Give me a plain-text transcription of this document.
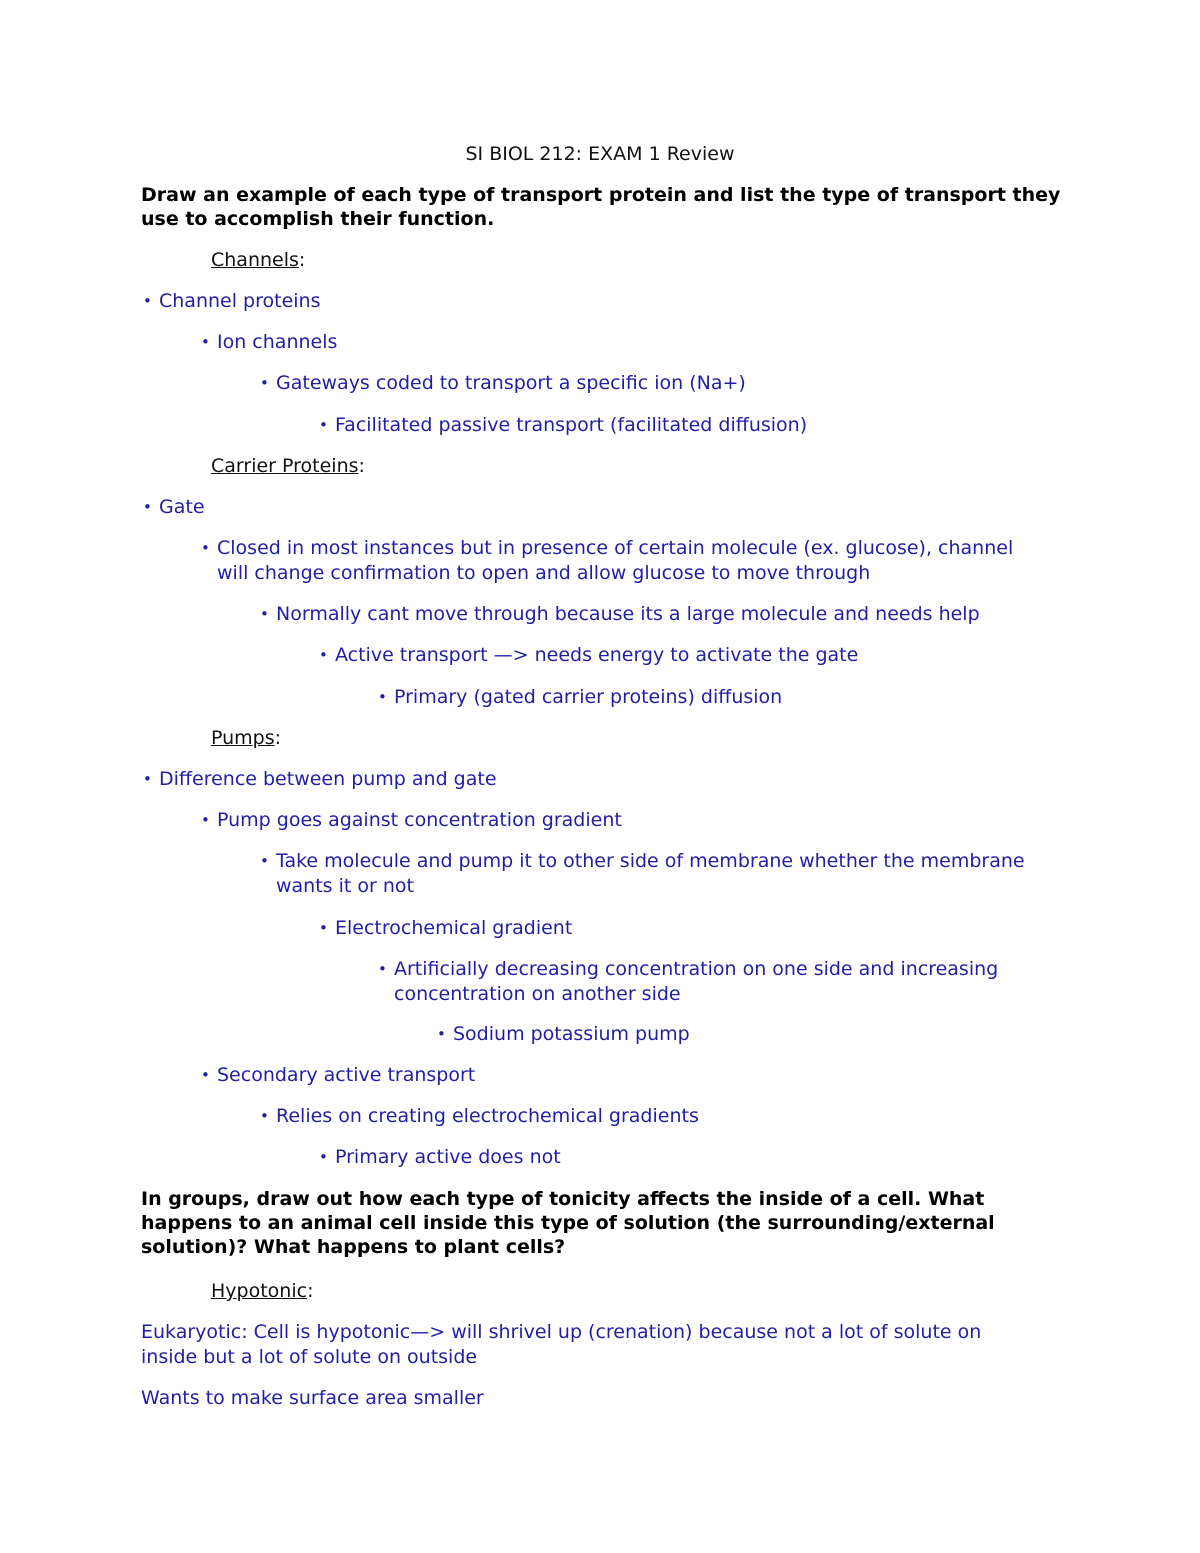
SI BIOL 212: EXAM 1 Review
Draw an example of each type of transport protein and list the type of transport they use to accomplish their function.
Channels:
• Channel proteins
• Ion channels
• Gateways coded to transport a specific ion (Na+)
• Facilitated passive transport (facilitated diffusion)
Carrier Proteins:
• Gate
• Closed in most instances but in presence of certain molecule (ex. glucose), channel will change confirmation to open and allow glucose to move through
• Normally cant move through because its a large molecule and needs help
• Active transport —> needs energy to activate the gate
• Primary (gated carrier proteins) diffusion
Pumps:
• Difference between pump and gate
• Pump goes against concentration gradient
• Take molecule and pump it to other side of membrane whether the membrane wants it or not
• Electrochemical gradient
• Artificially decreasing concentration on one side and increasing concentration on another side
• Sodium potassium pump
• Secondary active transport
• Relies on creating electrochemical gradients
• Primary active does not
In groups, draw out how each type of tonicity affects the inside of a cell. What happens to an animal cell inside this type of solution (the surrounding/external solution)? What happens to plant cells?
Hypotonic:
Eukaryotic: Cell is hypotonic—> will shrivel up (crenation) because not a lot of solute on inside but a lot of solute on outside
Wants to make surface area smaller
